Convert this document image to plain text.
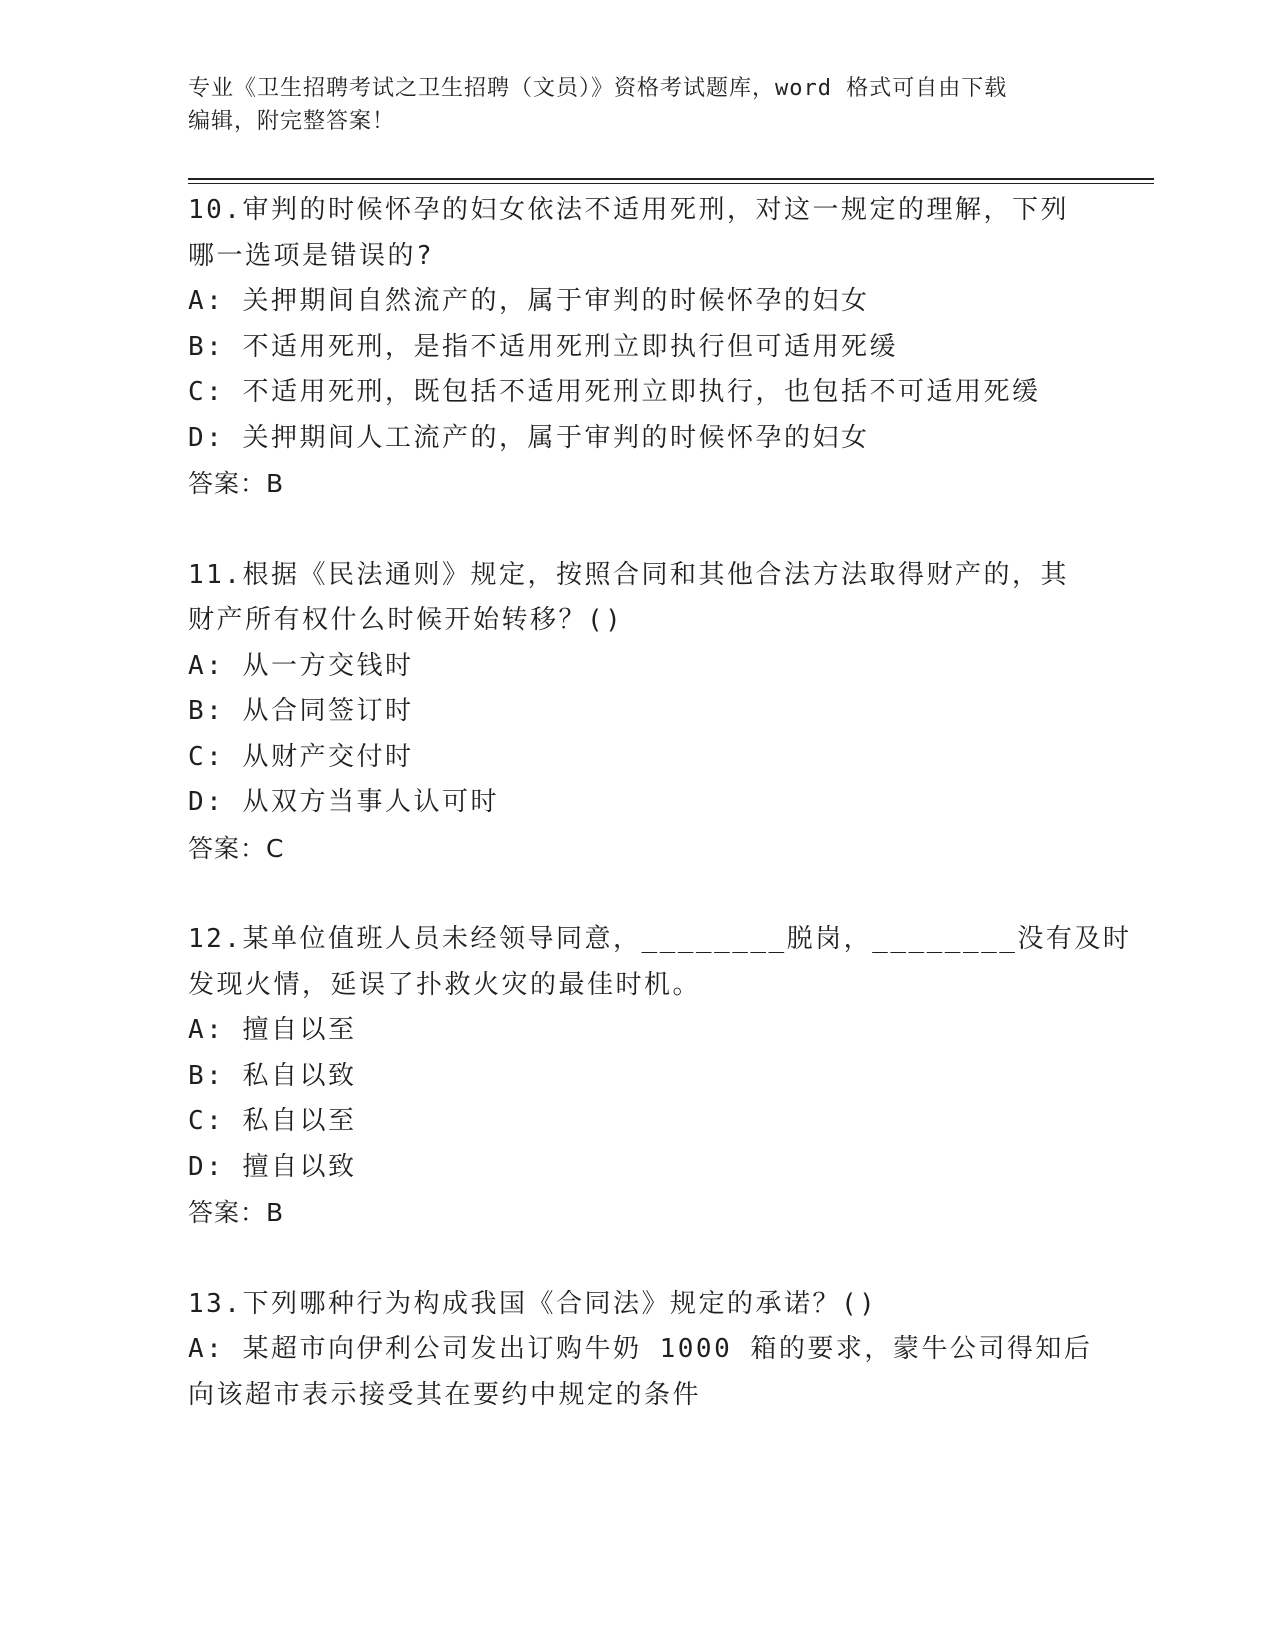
专业《卫生招聘考试之卫生招聘（文员）》资格考试题库，word 格式可自由下载
编辑，附完整答案！
10.审判的时候怀孕的妇女依法不适用死刑，对这一规定的理解，下列
哪一选项是错误的?
A: 关押期间自然流产的，属于审判的时候怀孕的妇女
B: 不适用死刑，是指不适用死刑立即执行但可适用死缓
C: 不适用死刑，既包括不适用死刑立即执行，也包括不可适用死缓
D: 关押期间人工流产的，属于审判的时候怀孕的妇女
答案：B
11.根据《民法通则》规定，按照合同和其他合法方法取得财产的，其
财产所有权什么时候开始转移？()
A: 从一方交钱时
B: 从合同签订时
C: 从财产交付时
D: 从双方当事人认可时
答案：C
12.某单位值班人员未经领导同意，________脱岗，________没有及时
发现火情，延误了扑救火灾的最佳时机。
A: 擅自以至
B: 私自以致
C: 私自以至
D: 擅自以致
答案：B
13.下列哪种行为构成我国《合同法》规定的承诺？()
A: 某超市向伊利公司发出订购牛奶 1000 箱的要求，蒙牛公司得知后
向该超市表示接受其在要约中规定的条件
